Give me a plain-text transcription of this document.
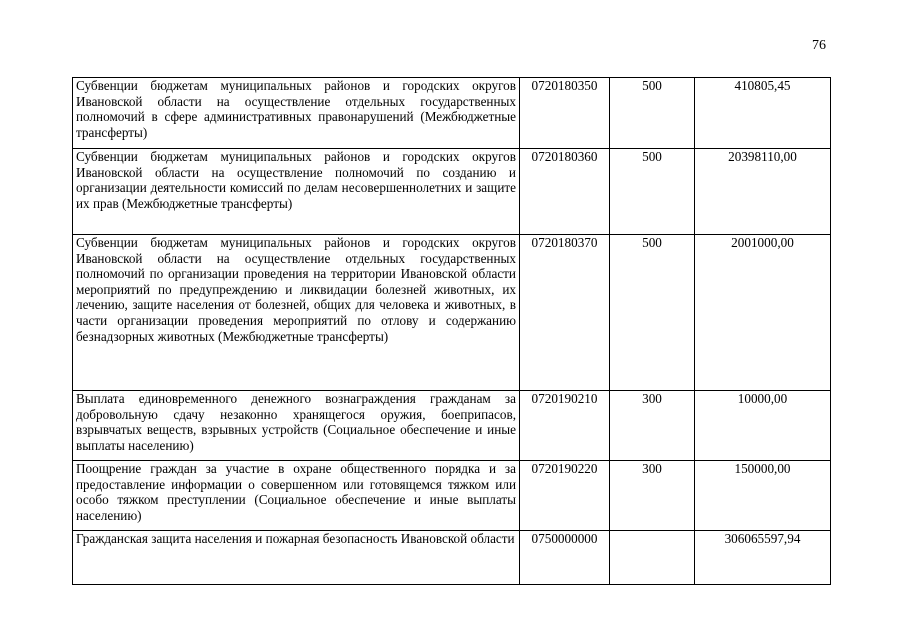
76
Субвенции бюджетам муниципальных районов и городских округов Ивановской области на осуществление отдельных государственных полномочий в сфере административных правонарушений (Межбюджетные трансферты)	0720180350	500	410805,45
Субвенции бюджетам муниципальных районов и городских округов Ивановской области на осуществление полномочий по созданию и организации деятельности комиссий по делам несовершеннолетних и защите их прав (Межбюджетные трансферты)	0720180360	500	20398110,00
Субвенции бюджетам муниципальных районов и городских округов Ивановской области на осуществление отдельных государственных полномочий по организации проведения на территории Ивановской области мероприятий по предупреждению и ликвидации болезней животных, их лечению, защите населения от болезней, общих для человека и животных, в части организации проведения мероприятий по отлову и содержанию безнадзорных животных (Межбюджетные трансферты)	0720180370	500	2001000,00
Выплата единовременного денежного вознаграждения гражданам за добровольную сдачу незаконно хранящегося оружия, боеприпасов, взрывчатых веществ, взрывных устройств (Социальное обеспечение и иные выплаты населению)	0720190210	300	10000,00
Поощрение граждан за участие в охране общественного порядка и за предоставление информации о совершенном или готовящемся тяжком или особо тяжком преступлении (Социальное обеспечение и иные выплаты населению)	0720190220	300	150000,00
Гражданская защита населения и пожарная безопасность Ивановской области	0750000000		306065597,94
